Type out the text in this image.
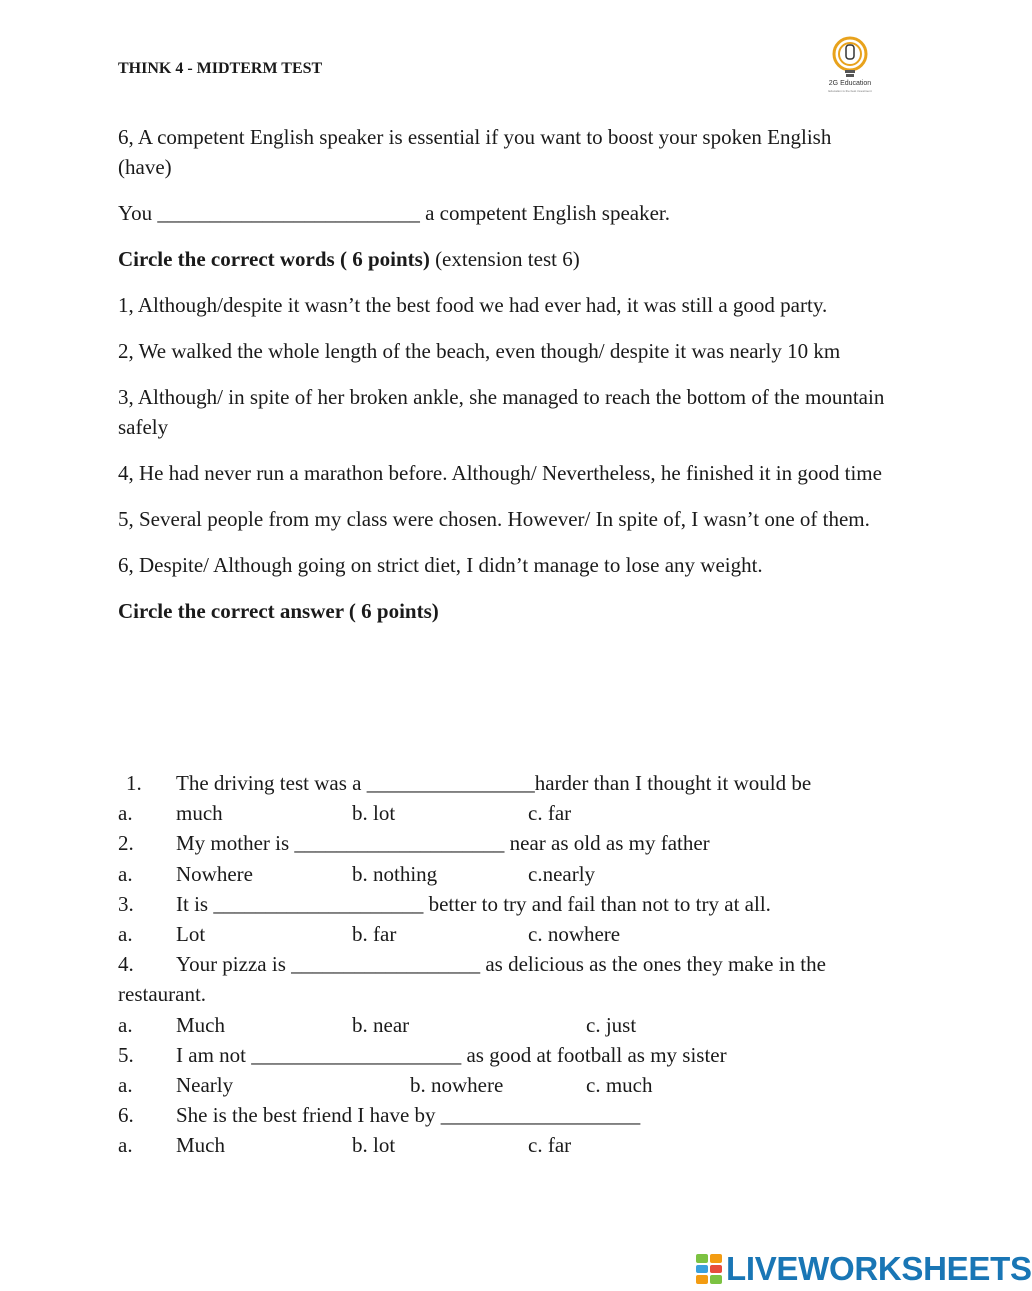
THINK 4 - MIDTERM TEST
2G Education
Education is the best investment

6, A competent English speaker is essential if you want to boost your spoken English (have)

You _________________________ a competent English speaker.

Circle the correct words ( 6 points) (extension test 6)

1, Although/despite it wasn’t the best food we had ever had, it was still a good party.

2, We walked the whole length of the beach, even though/ despite it was nearly 10 km

3, Although/ in spite of her broken ankle, she managed to reach the bottom of the mountain safely

4, He had never run a marathon before. Although/ Nevertheless, he finished it in good time

5, Several people from my class were chosen. However/ In spite of, I wasn’t one of them.

6, Despite/ Although going on strict diet, I didn’t manage to lose any weight.

Circle the correct answer ( 6 points)

1.	The driving test was a ________________harder than I thought it would be
a.	much	b. lot	c. far
2.	My mother is ____________________ near as old as my father
a.	Nowhere	b. nothing	c.nearly
3.	It is ____________________ better to try and fail than not to try at all.
a.	Lot	b. far	c. nowhere
4.	Your pizza is __________________ as delicious as the ones they make in the restaurant.
a.	Much	b. near	c. just
5.	I am not ____________________ as good at football as my sister
a.	Nearly	b. nowhere	c. much
6.	She is the best friend I have by ___________________
a.	Much	b. lot	c. far
LIVEWORKSHEETS
